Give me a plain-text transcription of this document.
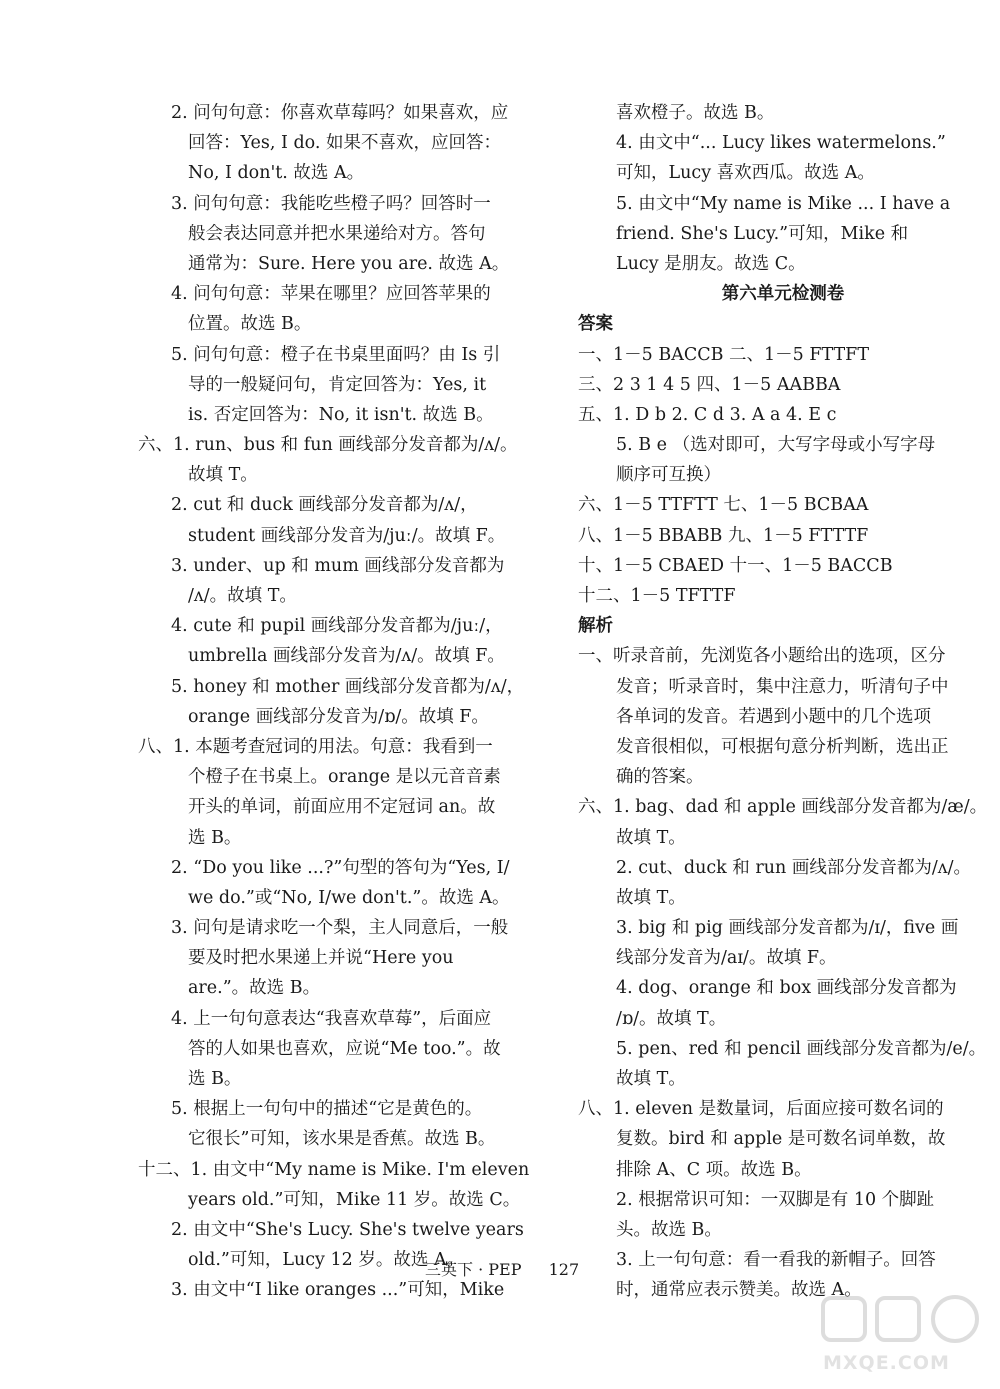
2. 问句句意：你喜欢草莓吗？如果喜欢，应
回答：Yes, I do. 如果不喜欢，应回答：
No, I don't. 故选 A。
3. 问句句意：我能吃些橙子吗？回答时一
般会表达同意并把水果递给对方。答句
通常为：Sure. Here you are. 故选 A。
4. 问句句意：苹果在哪里？应回答苹果的
位置。故选 B。
5. 问句句意：橙子在书桌里面吗？由 Is 引
导的一般疑问句，肯定回答为：Yes, it
is. 否定回答为：No, it isn't. 故选 B。
六、1. run、bus 和 fun 画线部分发音都为/ʌ/。
故填 T。
2. cut 和 duck 画线部分发音都为/ʌ/，
student 画线部分发音为/juː/。故填 F。
3. under、up 和 mum 画线部分发音都为
/ʌ/。故填 T。
4. cute 和 pupil 画线部分发音都为/juː/，
umbrella 画线部分发音为/ʌ/。故填 F。
5. honey 和 mother 画线部分发音都为/ʌ/，
orange 画线部分发音为/ɒ/。故填 F。
八、1. 本题考查冠词的用法。句意：我看到一
个橙子在书桌上。orange 是以元音音素
开头的单词，前面应用不定冠词 an。故
选 B。
2. “Do you like ...?”句型的答句为“Yes, I/
we do.”或“No, I/we don't.”。故选 A。
3. 问句是请求吃一个梨，主人同意后，一般
要及时把水果递上并说“Here you
are.”。故选 B。
4. 上一句句意表达“我喜欢草莓”，后面应
答的人如果也喜欢，应说“Me too.”。故
选 B。
5. 根据上一句句中的描述“它是黄色的。
它很长”可知，该水果是香蕉。故选 B。
十二、1. 由文中“My name is Mike. I'm eleven
years old.”可知，Mike 11 岁。故选 C。
2. 由文中“She's Lucy. She's twelve years
old.”可知，Lucy 12 岁。故选 A。
3. 由文中“I like oranges ...”可知，Mike
喜欢橙子。故选 B。
4. 由文中“... Lucy likes watermelons.”
可知，Lucy 喜欢西瓜。故选 A。
5. 由文中“My name is Mike ... I have a
friend. She's Lucy.”可知，Mike 和
Lucy 是朋友。故选 C。
第六单元检测卷
答案
一、1－5 BACCB 二、1－5 FTTFT
三、2 3 1 4 5 四、1－5 AABBA
五、1. D b 2. C d 3. A a 4. E c
5. B e （选对即可，大写字母或小写字母
顺序可互换）
六、1－5 TTFTT 七、1－5 BCBAA
八、1－5 BBABB 九、1－5 FTTTF
十、1－5 CBAED 十一、1－5 BACCB
十二、1－5 TFTTF
解析
一、听录音前，先浏览各小题给出的选项，区分
发音；听录音时，集中注意力，听清句子中
各单词的发音。若遇到小题中的几个选项
发音很相似，可根据句意分析判断，选出正
确的答案。
六、1. bag、dad 和 apple 画线部分发音都为/æ/。
故填 T。
2. cut、duck 和 run 画线部分发音都为/ʌ/。
故填 T。
3. big 和 pig 画线部分发音都为/ɪ/，five 画
线部分发音为/aɪ/。故填 F。
4. dog、orange 和 box 画线部分发音都为
/ɒ/。故填 T。
5. pen、red 和 pencil 画线部分发音都为/e/。
故填 T。
八、1. eleven 是数量词，后面应接可数名词的
复数。bird 和 apple 是可数名词单数，故
排除 A、C 项。故选 B。
2. 根据常识可知：一双脚是有 10 个脚趾
头。故选 B。
3. 上一句句意：看一看我的新帽子。回答
时，通常应表示赞美。故选 A。
三英下 · PEP 127
MXQE.COM
